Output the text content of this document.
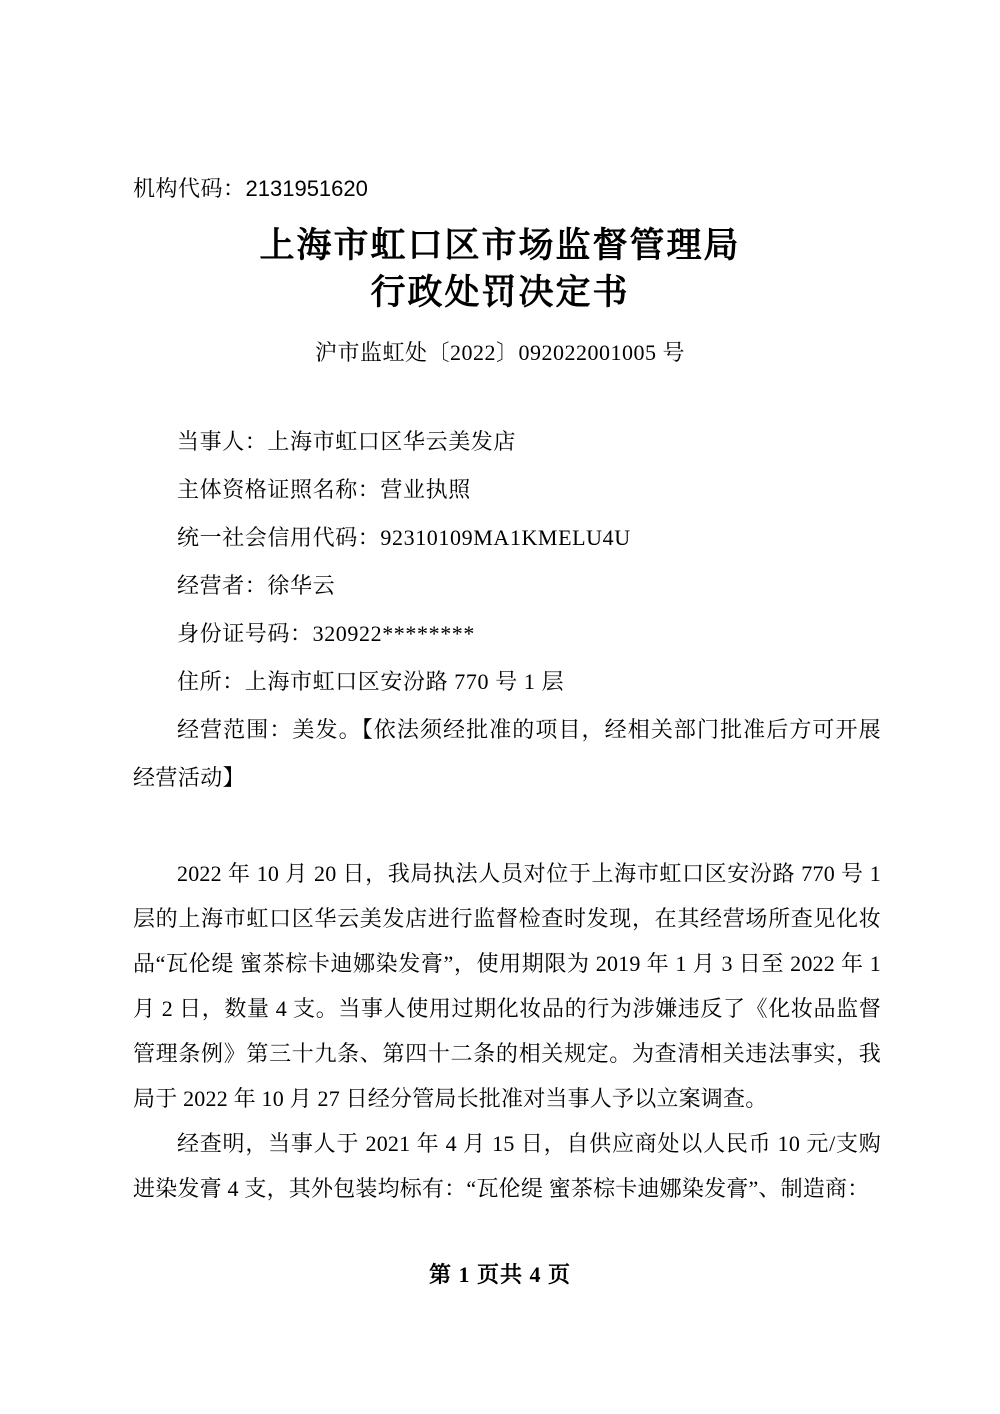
机构代码：2131951620
上海市虹口区市场监督管理局
行政处罚决定书
沪市监虹处〔2022〕092022001005 号
当事人：上海市虹口区华云美发店
主体资格证照名称：营业执照
统一社会信用代码：92310109MA1KMELU4U
经营者：徐华云
身份证号码：320922********
住所：上海市虹口区安汾路 770 号 1 层
经营范围：美发。【依法须经批准的项目，经相关部门批准后方可开展经营活动】

2022 年 10 月 20 日，我局执法人员对位于上海市虹口区安汾路 770 号 1 层的上海市虹口区华云美发店进行监督检查时发现，在其经营场所查见化妆品“瓦伦缇 蜜茶棕卡迪娜染发膏”，使用期限为 2019 年 1 月 3 日至 2022 年 1 月 2 日，数量 4 支。当事人使用过期化妆品的行为涉嫌违反了《化妆品监督管理条例》第三十九条、第四十二条的相关规定。为查清相关违法事实，我局于 2022 年 10 月 27 日经分管局长批准对当事人予以立案调查。

经查明，当事人于 2021 年 4 月 15 日，自供应商处以人民币 10 元/支购进染发膏 4 支，其外包装均标有：“瓦伦缇 蜜茶棕卡迪娜染发膏”、制造商：

第 1 页共 4 页
